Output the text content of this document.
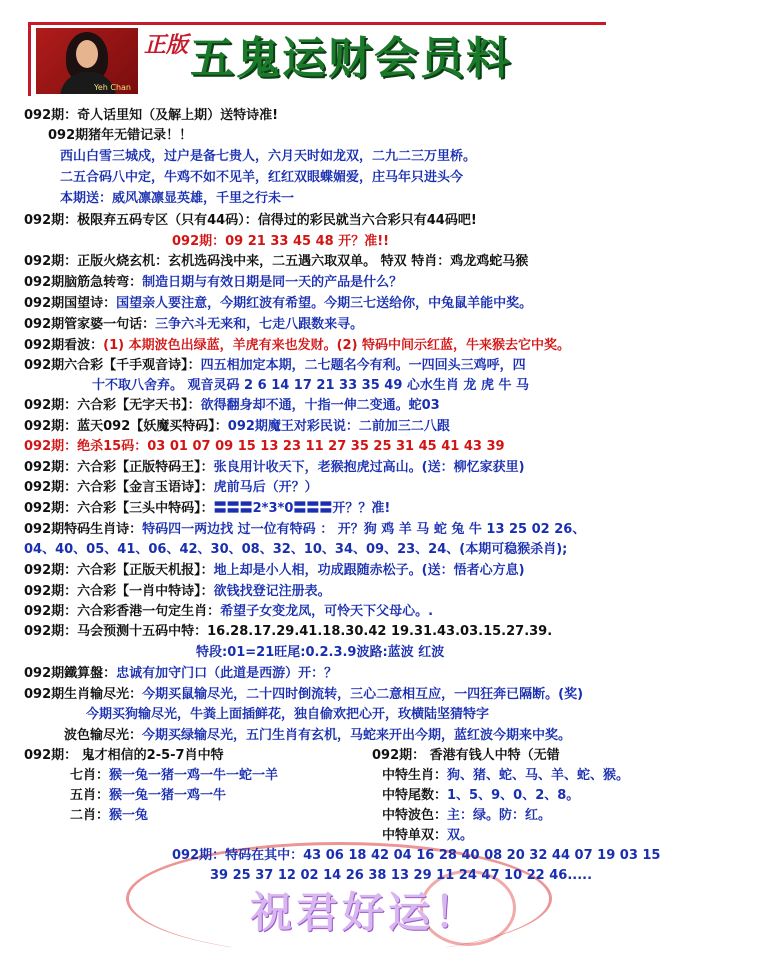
Yeh Chan
正版 五鬼运财会员料
092期：奇人话里知（及解上期）送特诗准!
092期猪年无错记录！！
西山白雪三城戍，过户是备七贵人，六月天时如龙双，二九二三万里桥。
二五合码八中定，牛鸡不如不见羊，红红双眼蝶媚爱，庄马年只进头今
本期送：威风凛凛显英雄，千里之行未一
092期：极限弃五码专区（只有44码）：信得过的彩民就当六合彩只有44码吧!
092期：09 21 33 45 48 开？准!!
092期：正版火烧玄机：玄机选码浅中来，二五遇六取双单。 特双 特肖：鸡龙鸡蛇马猴
092期脑筋急转弯：制造日期与有效日期是同一天的产品是什么？
092期国望诗：国望亲人要注意，今期红波有希望。今期三七送给你，中兔鼠羊能中奖。
092期管家婆一句话：三争六斗无来和，七走八跟数来寻。
092期看波：(1) 本期波色出绿蓝，羊虎有来也发财。(2) 特码中间示红蓝，牛来猴去它中奖。
092期六合彩【千手观音诗】：四五相加定本期，二七题名今有利。一四回头三鸡呼，四
十不取八舍弃。 观音灵码 2 6 14 17 21 33 35 49 心水生肖 龙 虎 牛 马
092期：六合彩【无字天书】：欲得翻身却不通，十指一伸二变通。蛇03
092期：蓝天092【妖魔买特码】：092期魔王对彩民说：二前加三二八跟
092期：绝杀15码：03 01 07 09 15 13 23 11 27 35 25 31 45 41 43 39
092期：六合彩【正版特码王】：张良用计收天下，老猴抱虎过高山。(送：柳忆家获里)
092期：六合彩【金言玉语诗】：虎前马后（开？）
092期：六合彩【三头中特码】：〓〓〓2*3*0〓〓〓开？？准!
092期特码生肖诗：特码四一两边找 过一位有特码 ： 开？狗 鸡 羊 马 蛇 兔 牛 13 25 02 26、
04、40、05、41、06、42、30、08、32、10、34、09、23、24、(本期可稳猴杀肖);
092期：六合彩【正版天机报】：地上却是小人相，功成跟随赤松子。(送：悟者心方息)
092期：六合彩【一肖中特诗】：欲钱找登记注册表。
092期：六合彩香港一句定生肖：希望子女变龙凤，可怜天下父母心。.
092期：马会预测十五码中特：16.28.17.29.41.18.30.42 19.31.43.03.15.27.39.
特段:01=21旺尾:0.2.3.9波路:蓝波 红波
092期鐵算盤：忠诚有加守门口（此道是西游）开：？
092期生肖输尽光：今期买鼠输尽光，二十四时倒流转，三心二意相互应，一四狂奔已隔断。(奖)
今期买狗输尽光，牛粪上面插鲜花，独自偷欢把心开，玫横陆坚猜特字
波色输尽光：今期买绿输尽光，五门生肖有玄机，马蛇来开出今期，蓝红波今期来中奖。
092期： 鬼才相信的2-5-7肖中特
七肖：猴一兔一猪一鸡一牛一蛇一羊
五肖：猴一兔一猪一鸡一牛
二肖：猴一兔
092期： 香港有钱人中特（无错
中特生肖：狗、猪、蛇、马、羊、蛇、猴。
中特尾数：1、5、9、0、2、8。
中特波色：主：绿。防：红。
中特单双：双。
092期：特码在其中：43 06 18 42 04 16 28 40 08 20 32 44 07 19 03 15
39 25 37 12 02 14 26 38 13 29 11 24 47 10 22 46.....
祝君好运！
